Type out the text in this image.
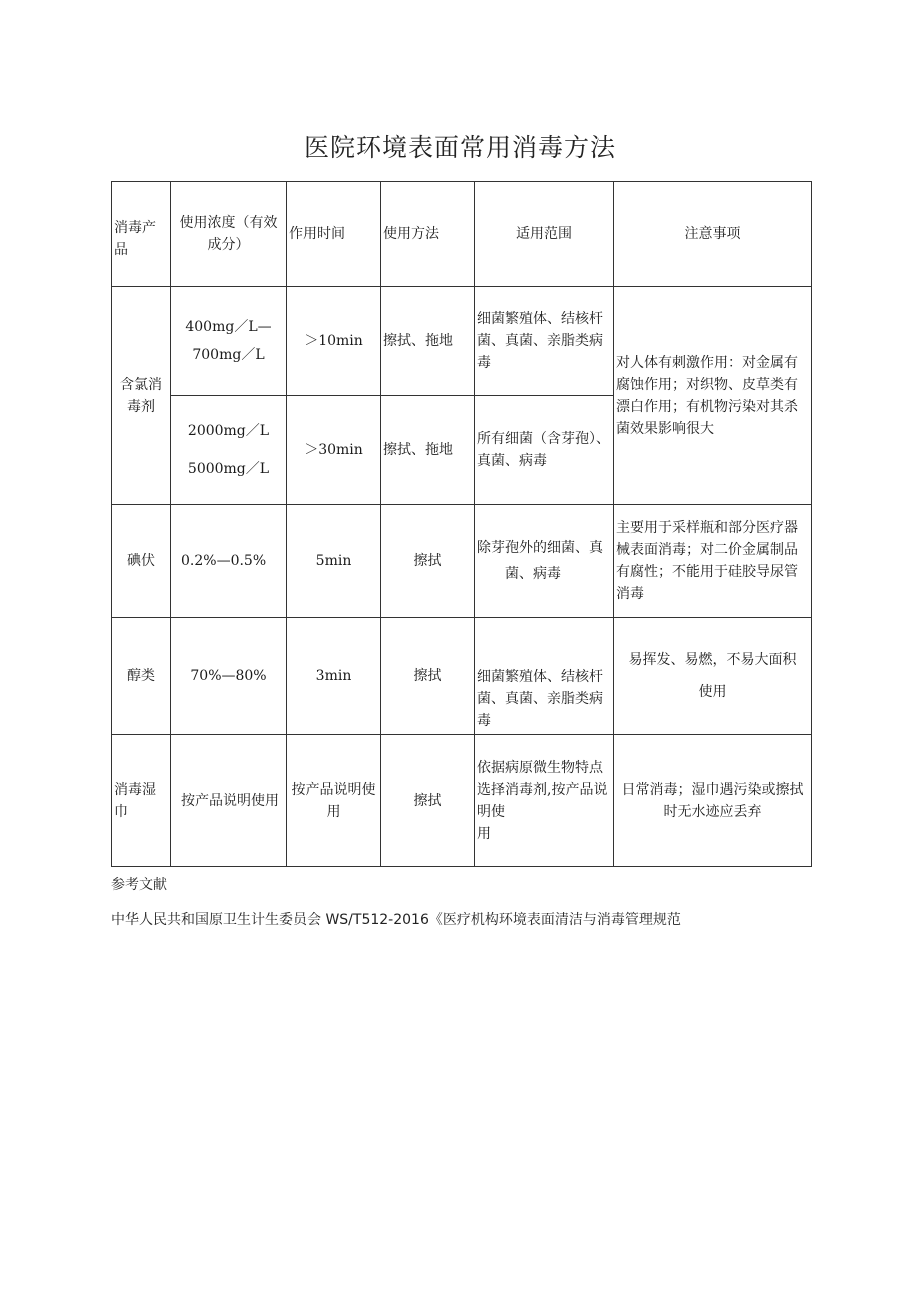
医院环境表面常用消毒方法
消毒产品	使用浓度（有效成分）	作用时间	使用方法	适用范围	注意事项
含氯消毒剂	400mg／L—
700mg／L	＞10min	擦拭、拖地	细菌繁殖体、结核杆菌、真菌、亲脂类病毒	对人体有刺激作用：对金属有腐蚀作用；对织物、皮草类有漂白作用；有机物污染对其杀菌效果影响很大

	2000mg／L
5000mg／L	＞30min	擦拭、拖地	所有细菌（含芽孢）、真菌、病毒	
碘伏	0.2%—0.5%	5min	擦拭	除芽孢外的细菌、真
菌、病毒	主要用于采样瓶和部分医疗器械表面消毒；对二价金属制品有腐性；不能用于硅胶导尿管消毒
醇类	70%—80%	3min	擦拭	细菌繁殖体、结核杆菌、真菌、亲脂类病毒	易挥发、易燃，不易大面积
使用

消毒湿巾	按产品说明使用	按产品说明使用	擦拭	依据病原微生物特点选择消毒剂,按产品说明使
用	日常消毒；湿巾遇污染或擦拭时无水迹应丢弃
参考文献
中华人民共和国原卫生计生委员会 WS/T512-2016《医疗机构环境表面清洁与消毒管理规范
